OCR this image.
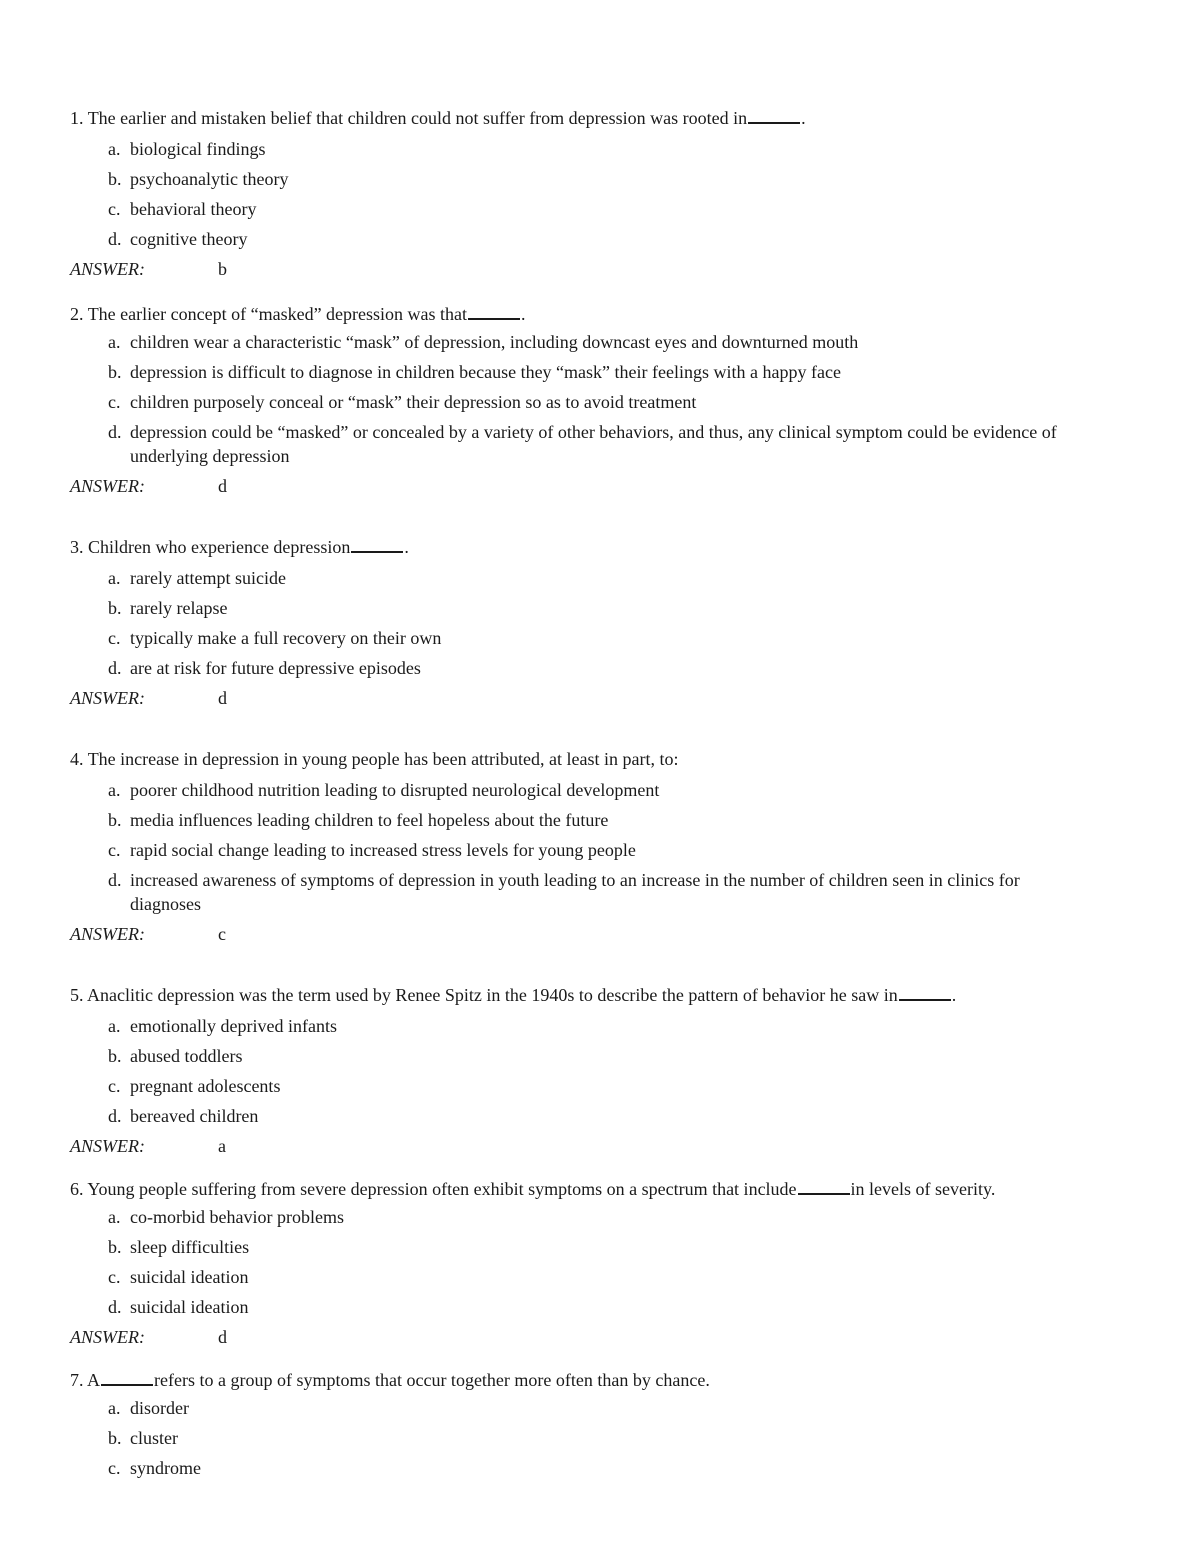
1. The earlier and mistaken belief that children could not suffer from depression was rooted in	.

a. biological findings
b. psychoanalytic theory
c. behavioral theory
d. cognitive theory
ANSWER:	b

2. The earlier concept of “masked” depression was that	.

a. children wear a characteristic “mask” of depression, including downcast eyes and downturned mouth
b. depression is difficult to diagnose in children because they “mask” their feelings with a happy face
c. children purposely conceal or “mask” their depression so as to avoid treatment
d. depression could be “masked” or concealed by a variety of other behaviors, and thus, any clinical symptom could be evidence of underlying depression
ANSWER:	d

3. Children who experience depression	.

a. rarely attempt suicide
b. rarely relapse
c. typically make a full recovery on their own
d. are at risk for future depressive episodes
ANSWER:	d

4. The increase in depression in young people has been attributed, at least in part, to:

a. poorer childhood nutrition leading to disrupted neurological development
b. media influences leading children to feel hopeless about the future
c. rapid social change leading to increased stress levels for young people
d. increased awareness of symptoms of depression in youth leading to an increase in the number of children seen in clinics for diagnoses
ANSWER:	c

5. Anaclitic depression was the term used by Renee Spitz in the 1940s to describe the pattern of behavior he saw in	.

a. emotionally deprived infants
b. abused toddlers
c. pregnant adolescents
d. bereaved children
ANSWER:	a

6. Young people suffering from severe depression often exhibit symptoms on a spectrum that include	in levels of severity.

a. co-morbid behavior problems
b. sleep difficulties
c. suicidal ideation
d. suicidal ideation
ANSWER:	d

7. A	refers to a group of symptoms that occur together more often than by chance.

a. disorder
b. cluster
c. syndrome
